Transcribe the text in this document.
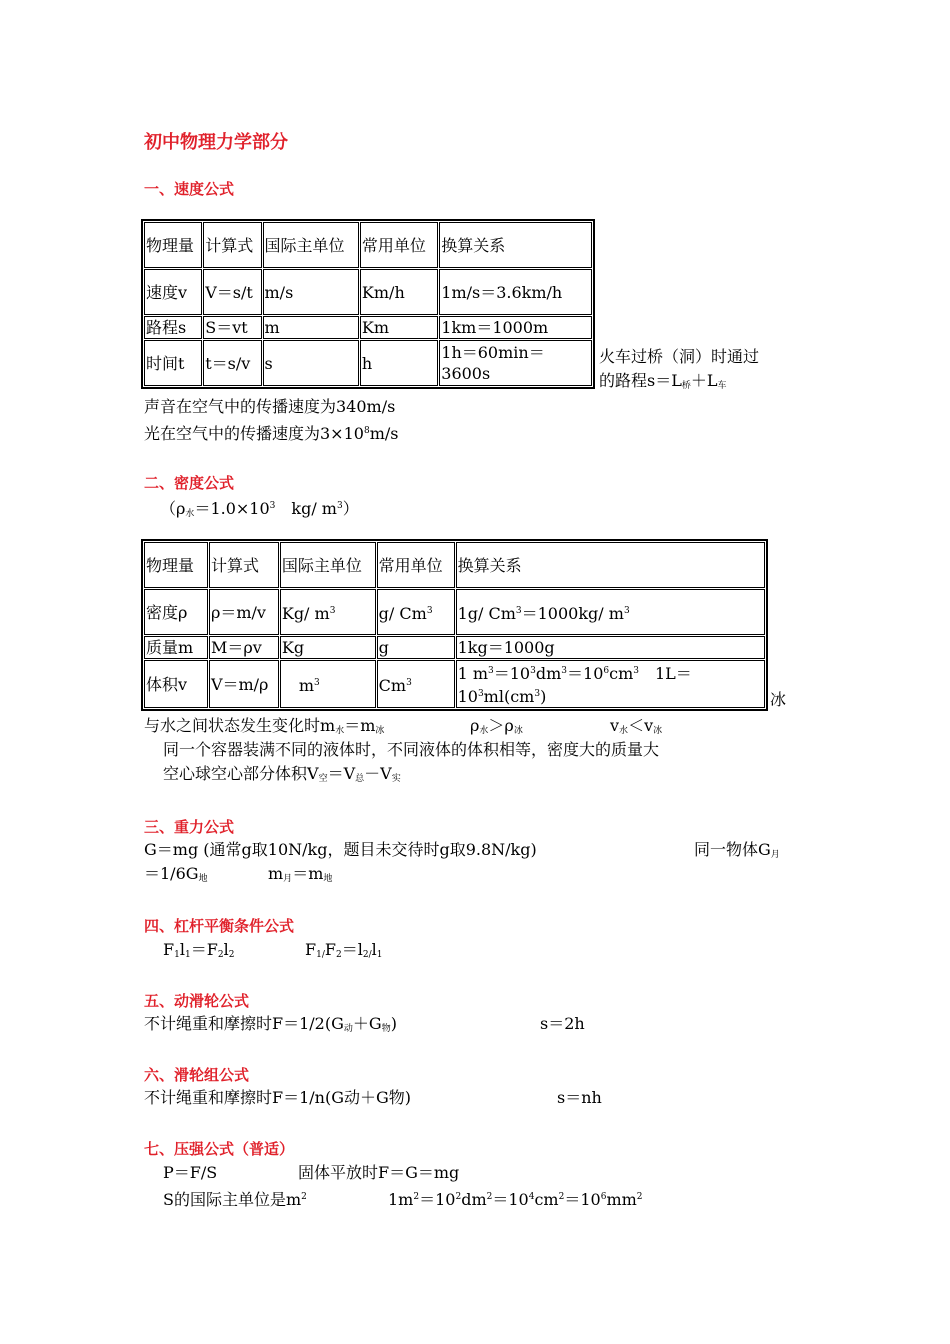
初中物理力学部分
一、速度公式
物理量	计算式	国际主单位	常用单位	换算关系
速度v	V＝s/t	m/s	Km/h	1m/s＝3.6km/h
路程s	S＝vt	m	Km	1km＝1000m
时间t	t＝s/v	s	h	1h＝60min＝3600s
火车过桥（洞）时通过
的路程$s=L_桥+L_车$
声音在空气中的传播速度为340m/s
光在空气中的传播速度为$3\times 10^8m/s$
二、密度公式
（$\rho_水=1.0\times 10^3$　kg/ $m^3$）
物理量	计算式	国际主单位	常用单位	换算关系
密度ρ	ρ＝m/v	Kg/ $m^3$	g/ Cm$^3$	1g/ $Cm^3=1000kg/$ $m^3$
质量m	M＝ρv	Kg	g	1kg＝1000g
体积v	V＝m/ρ	$m^3$	Cm$^3$	1 $m^3=10^3dm^3=10^6cm^3$　$1L=10^3ml(cm^3)$	冰
与水之间状态发生变化时$m_水=m_冰$	$\rho_水>\rho_冰$	$v_水<v_冰$
同一个容器装满不同的液体时，不同液体的体积相等，密度大的质量大
空心球空心部分体积$V_空=V_总-V_实$
三、重力公式
G＝mg (通常g取10N/kg，题目未交待时g取9.8N/kg)	同一物体$G_月$
$=1/6G_地$	$m_月=m_地$
四、杠杆平衡条件公式
$F_1l_1=F_2l_2$	$F_{1/}F_2=l_{2/}l_1$
五、动滑轮公式
不计绳重和摩擦时$F=1/2(G_动+G_物)$	s＝2h
六、滑轮组公式
不计绳重和摩擦时F＝1/n(G动＋G物)	s＝nh
七、压强公式（普适）
P＝F/S	固体平放时F＝G＝mg
S的国际主单位是$m^2$	$1m^2=10^2dm^2=10^4cm^2=10^6mm^2$
